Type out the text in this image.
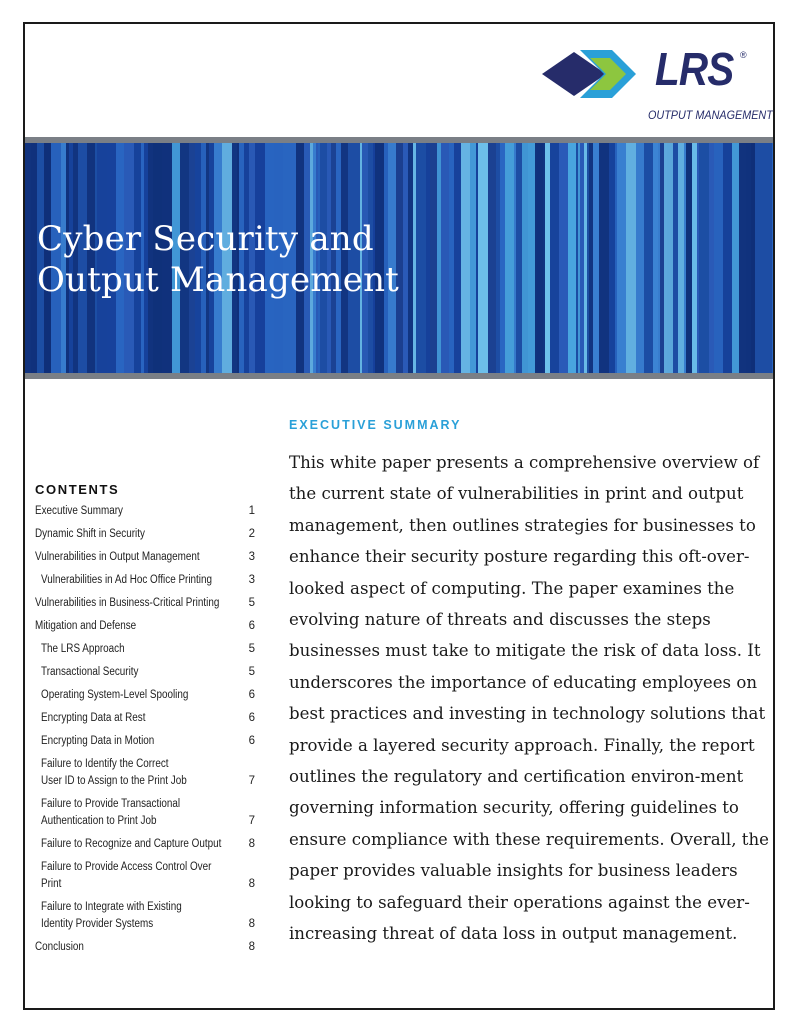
LRS ®
OUTPUT MANAGEMENT
Cyber Security and
Output Management
CONTENTS
Executive Summary	1
Dynamic Shift in Security	2
Vulnerabilities in Output Management	3
Vulnerabilities in Ad Hoc Office Printing	3
Vulnerabilities in Business-Critical Printing	5
Mitigation and Defense	6
The LRS Approach	5
Transactional Security	5
Operating System-Level Spooling	6
Encrypting Data at Rest	6
Encrypting Data in Motion	6
Failure to Identify the Correct
User ID to Assign to the Print Job	7
Failure to Provide Transactional
Authentication to Print Job	7
Failure to Recognize and Capture Output	8
Failure to Provide Access Control Over Print	8
Failure to Integrate with Existing
Identity Provider Systems	8
Conclusion	8
EXECUTIVE SUMMARY

This white paper presents a comprehensive overview of the current state of vulnerabilities in print and output management, then outlines strategies for businesses to enhance their security posture regarding this oft-over-looked aspect of computing. The paper examines the evolving nature of threats and discusses the steps businesses must take to mitigate the risk of data loss. It underscores the importance of educating employees on best practices and investing in technology solutions that provide a layered security approach. Finally, the report outlines the regulatory and certification environ-ment governing information security, offering guidelines to ensure compliance with these requirements. Overall, the paper provides valuable insights for business leaders looking to safeguard their operations against the ever-increasing threat of data loss in output management.
